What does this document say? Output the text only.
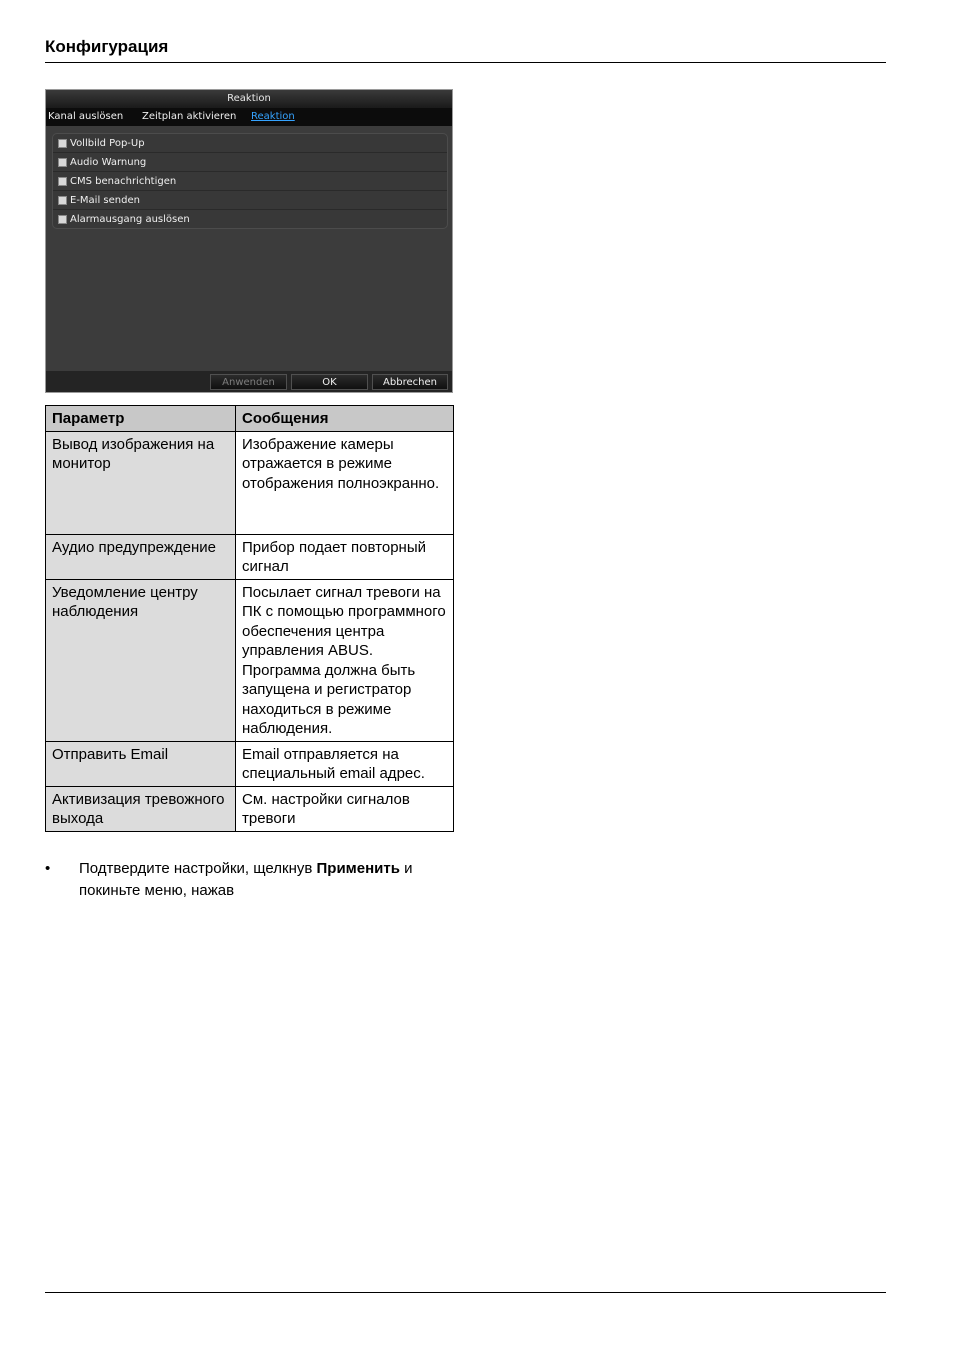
Конфигурация
Reaktion
Kanal auslösen Zeitplan aktivieren Reaktion
Vollbild Pop-Up
Audio Warnung
CMS benachrichtigen
E-Mail senden
Alarmausgang auslösen
Anwenden	OK	Abbrechen
Параметр	Сообщения
Вывод изображения на монитор	Изображение камеры отражается в режиме отображения полноэкранно.
Аудио предупреждение	Прибор подает повторный сигнал
Уведомление центру наблюдения	Посылает сигнал тревоги на ПК с помощью программного обеспечения центра управления ABUS. Программа должна быть запущена и регистратор находиться в режиме наблюдения.
Отправить Email	Email отправляется на специальный email адрес.
Активизация тревожного выхода	См. настройки сигналов тревоги
• Подтвердите настройки, щелкнув Применить и покиньте меню, нажав
